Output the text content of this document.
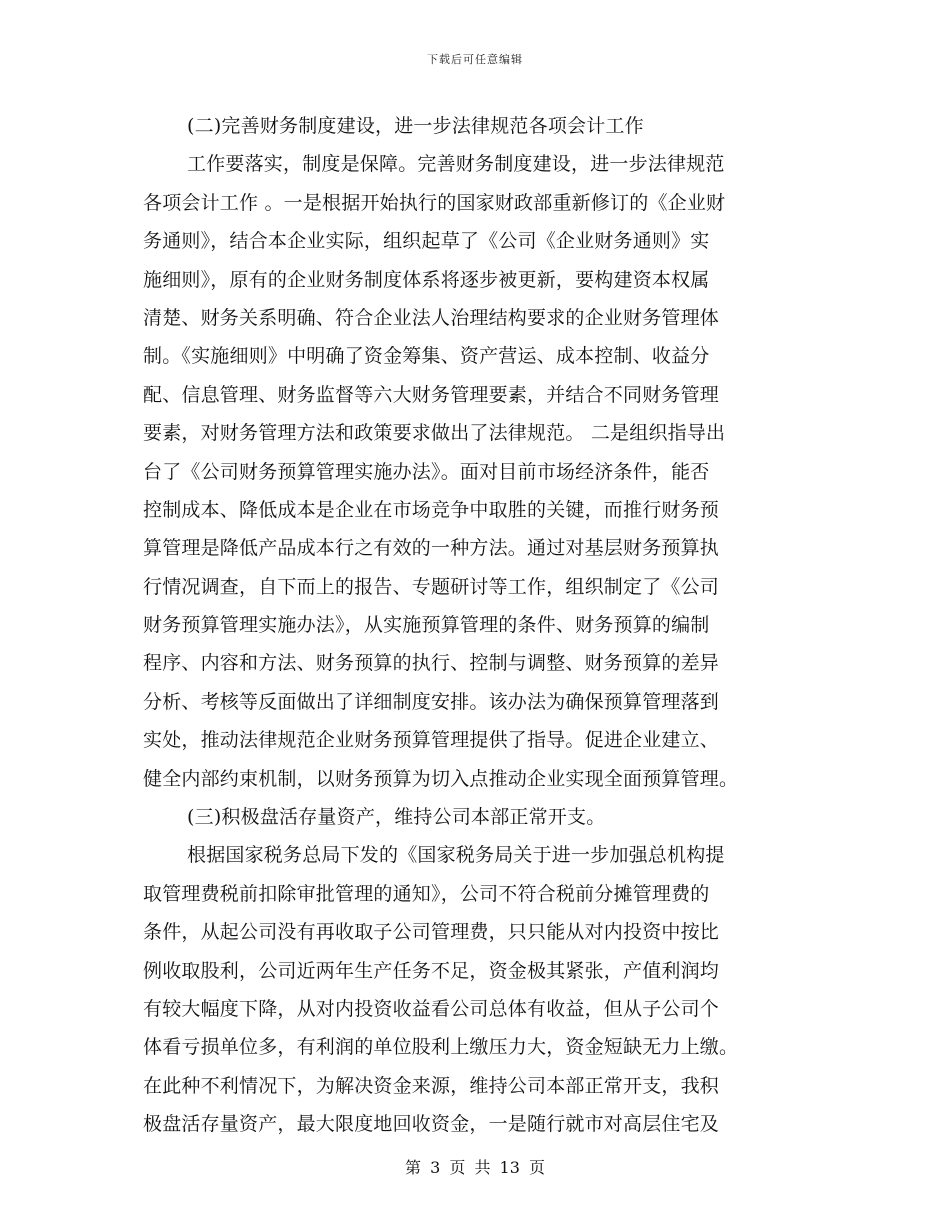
下载后可任意编辑
(二)完善财务制度建设，进一步法律规范各项会计工作
工作要落实，制度是保障。完善财务制度建设，进一步法律规范
各项会计工作 。一是根据开始执行的国家财政部重新修订的《企业财
务通则》，结合本企业实际，组织起草了《公司《企业财务通则》实
施细则》，原有的企业财务制度体系将逐步被更新，要构建资本权属
清楚、财务关系明确、符合企业法人治理结构要求的企业财务管理体
制。《实施细则》中明确了资金筹集、资产营运、成本控制、收益分
配、信息管理、财务监督等六大财务管理要素，并结合不同财务管理
要素，对财务管理方法和政策要求做出了法律规范。 二是组织指导出
台了《公司财务预算管理实施办法》。面对目前市场经济条件，能否
控制成本、降低成本是企业在市场竞争中取胜的关键，而推行财务预
算管理是降低产品成本行之有效的一种方法。通过对基层财务预算执
行情况调查，自下而上的报告、专题研讨等工作，组织制定了《公司
财务预算管理实施办法》，从实施预算管理的条件、财务预算的编制
程序、内容和方法、财务预算的执行、控制与调整、财务预算的差异
分析、考核等反面做出了详细制度安排。该办法为确保预算管理落到
实处，推动法律规范企业财务预算管理提供了指导。促进企业建立、
健全内部约束机制，以财务预算为切入点推动企业实现全面预算管理。
(三)积极盘活存量资产，维持公司本部正常开支。
根据国家税务总局下发的《国家税务局关于进一步加强总机构提
取管理费税前扣除审批管理的通知》，公司不符合税前分摊管理费的
条件，从起公司没有再收取子公司管理费，只只能从对内投资中按比
例收取股利，公司近两年生产任务不足，资金极其紧张，产值利润均
有较大幅度下降，从对内投资收益看公司总体有收益，但从子公司个
体看亏损单位多，有利润的单位股利上缴压力大，资金短缺无力上缴。
在此种不利情况下，为解决资金来源，维持公司本部正常开支，我积
极盘活存量资产，最大限度地回收资金，一是随行就市对高层住宅及
第 3 页 共 13 页
